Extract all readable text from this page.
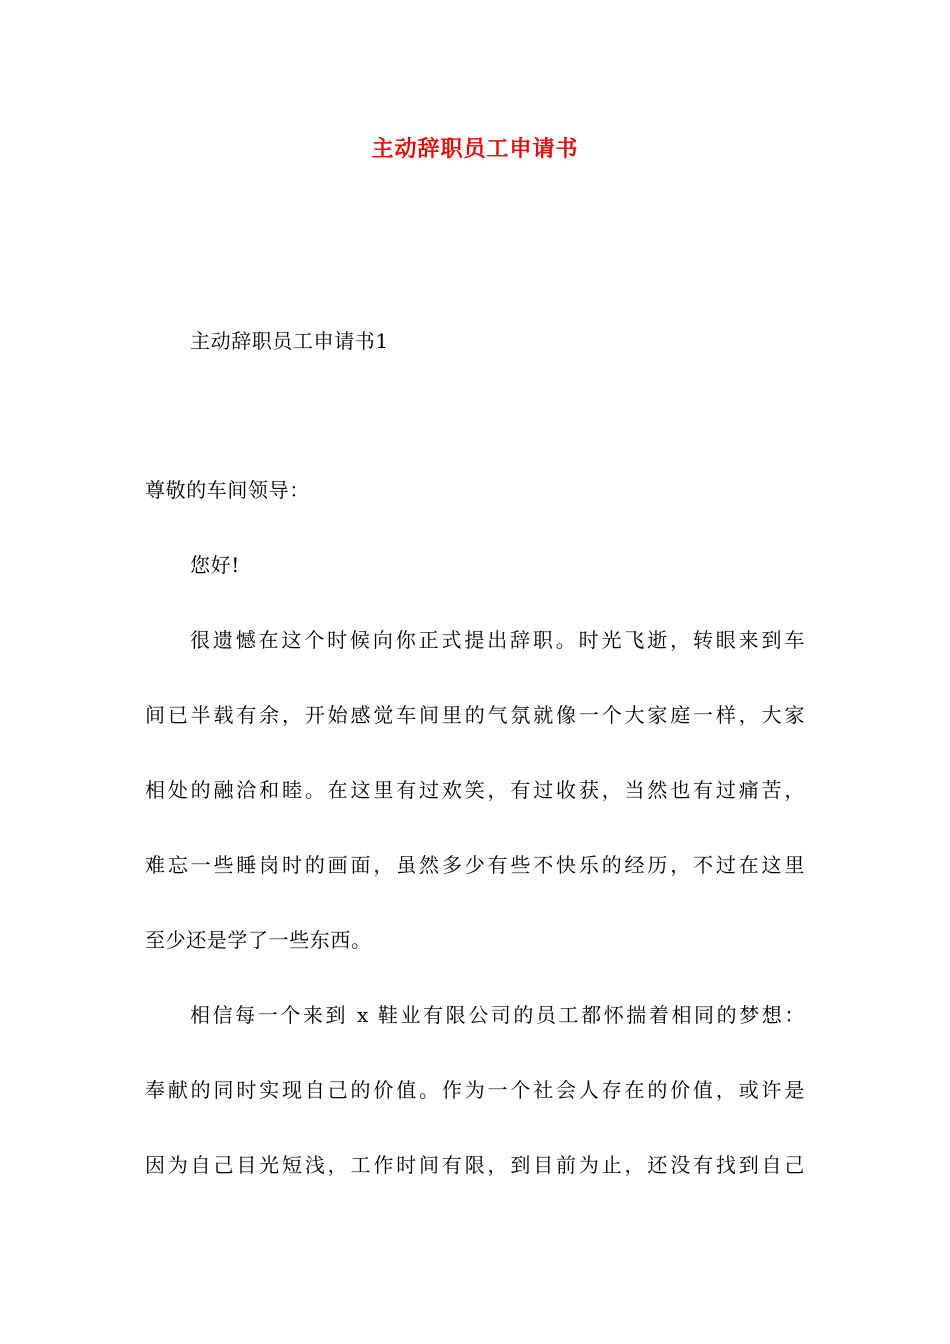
主动辞职员工申请书
主动辞职员工申请书1
尊敬的车间领导：
您好!
很遗憾在这个时候向你正式提出辞职。时光飞逝，转眼来到车
间已半载有余，开始感觉车间里的气氛就像一个大家庭一样，大家
相处的融洽和睦。在这里有过欢笑，有过收获，当然也有过痛苦，
难忘一些睡岗时的画面，虽然多少有些不快乐的经历，不过在这里
至少还是学了一些东西。
相信每一个来到 x 鞋业有限公司的员工都怀揣着相同的梦想：
奉献的同时实现自己的价值。作为一个社会人存在的价值，或许是
因为自己目光短浅，工作时间有限，到目前为止，还没有找到自己
